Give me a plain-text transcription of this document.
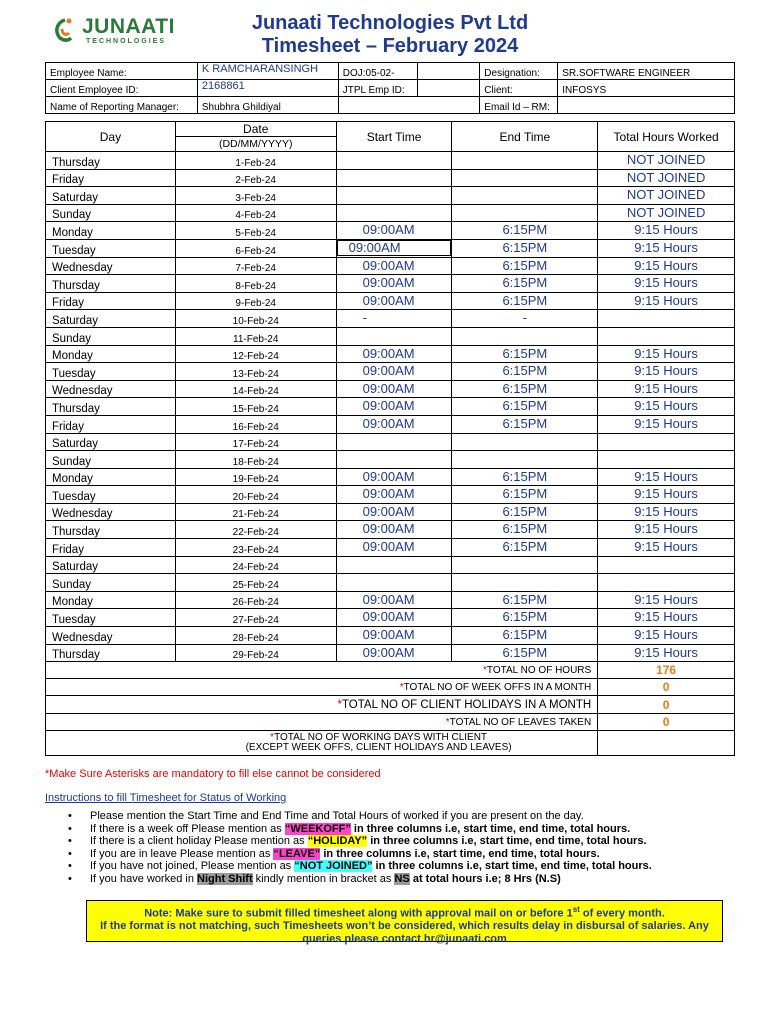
JUNAATI
TECHNOLOGIES
Junaati Technologies Pvt Ltd
Timesheet – February 2024
Employee Name:	K RAMCHARANSINGH	DOJ:05-02-		Designation:	SR.SOFTWARE ENGINEER
Client Employee ID:	2168861	JTPL Emp ID:		Client:	INFOSYS
Name of Reporting Manager:	Shubhra Ghildiyal			Email Id – RM:	
Day	Date	Start Time	End Time	Total Hours Worked
	(DD/MM/YYYY)			
Thursday	1-Feb-24			NOT JOINED
Friday	2-Feb-24			NOT JOINED
Saturday	3-Feb-24			NOT JOINED
Sunday	4-Feb-24			NOT JOINED
Monday	5-Feb-24	09:00AM	6:15PM	9:15 Hours
Tuesday	6-Feb-24	09:00AM	6:15PM	9:15 Hours
Wednesday	7-Feb-24	09:00AM	6:15PM	9:15 Hours
Thursday	8-Feb-24	09:00AM	6:15PM	9:15 Hours
Friday	9-Feb-24	09:00AM	6:15PM	9:15 Hours
Saturday	10-Feb-24	-	-	
Sunday	11-Feb-24			
Monday	12-Feb-24	09:00AM	6:15PM	9:15 Hours
Tuesday	13-Feb-24	09:00AM	6:15PM	9:15 Hours
Wednesday	14-Feb-24	09:00AM	6:15PM	9:15 Hours
Thursday	15-Feb-24	09:00AM	6:15PM	9:15 Hours
Friday	16-Feb-24	09:00AM	6:15PM	9:15 Hours
Saturday	17-Feb-24			
Sunday	18-Feb-24			
Monday	19-Feb-24	09:00AM	6:15PM	9:15 Hours
Tuesday	20-Feb-24	09:00AM	6:15PM	9:15 Hours
Wednesday	21-Feb-24	09:00AM	6:15PM	9:15 Hours
Thursday	22-Feb-24	09:00AM	6:15PM	9:15 Hours
Friday	23-Feb-24	09:00AM	6:15PM	9:15 Hours
Saturday	24-Feb-24			
Sunday	25-Feb-24			
Monday	26-Feb-24	09:00AM	6:15PM	9:15 Hours
Tuesday	27-Feb-24	09:00AM	6:15PM	9:15 Hours
Wednesday	28-Feb-24	09:00AM	6:15PM	9:15 Hours
Thursday	29-Feb-24	09:00AM	6:15PM	9:15 Hours
*TOTAL NO OF HOURS				176
*TOTAL NO OF WEEK OFFS IN A MONTH				0
*TOTAL NO OF CLIENT HOLIDAYS IN A MONTH				0
*TOTAL NO OF LEAVES TAKEN				0
*TOTAL NO OF WORKING DAYS WITH CLIENT
(EXCEPT WEEK OFFS, CLIENT HOLIDAYS AND LEAVES)				
*Make Sure Asterisks are mandatory to fill else cannot be considered
Instructions to fill Timesheet for Status of Working
• Please mention the Start Time and End Time and Total Hours of worked if you are present on the day.
• If there is a week off Please mention as “WEEKOFF” in three columns i.e, start time, end time, total hours.
• If there is a client holiday Please mention as “HOLIDAY” in three columns i.e, start time, end time, total hours.
• If you are in leave Please mention as “LEAVE” in three columns i.e, start time, end time, total hours.
• If you have not joined, Please mention as “NOT JOINED” in three columns i.e, start time, end time, total hours.
• If you have worked in Night Shift kindly mention in bracket as NS at total hours i.e; 8 Hrs (N.S)
Note: Make sure to submit filled timesheet along with approval mail on or before 1st of every month.
If the format is not matching, such Timesheets won’t be considered, which results delay in disbursal of salaries. Any queries please contact hr@junaati.com
